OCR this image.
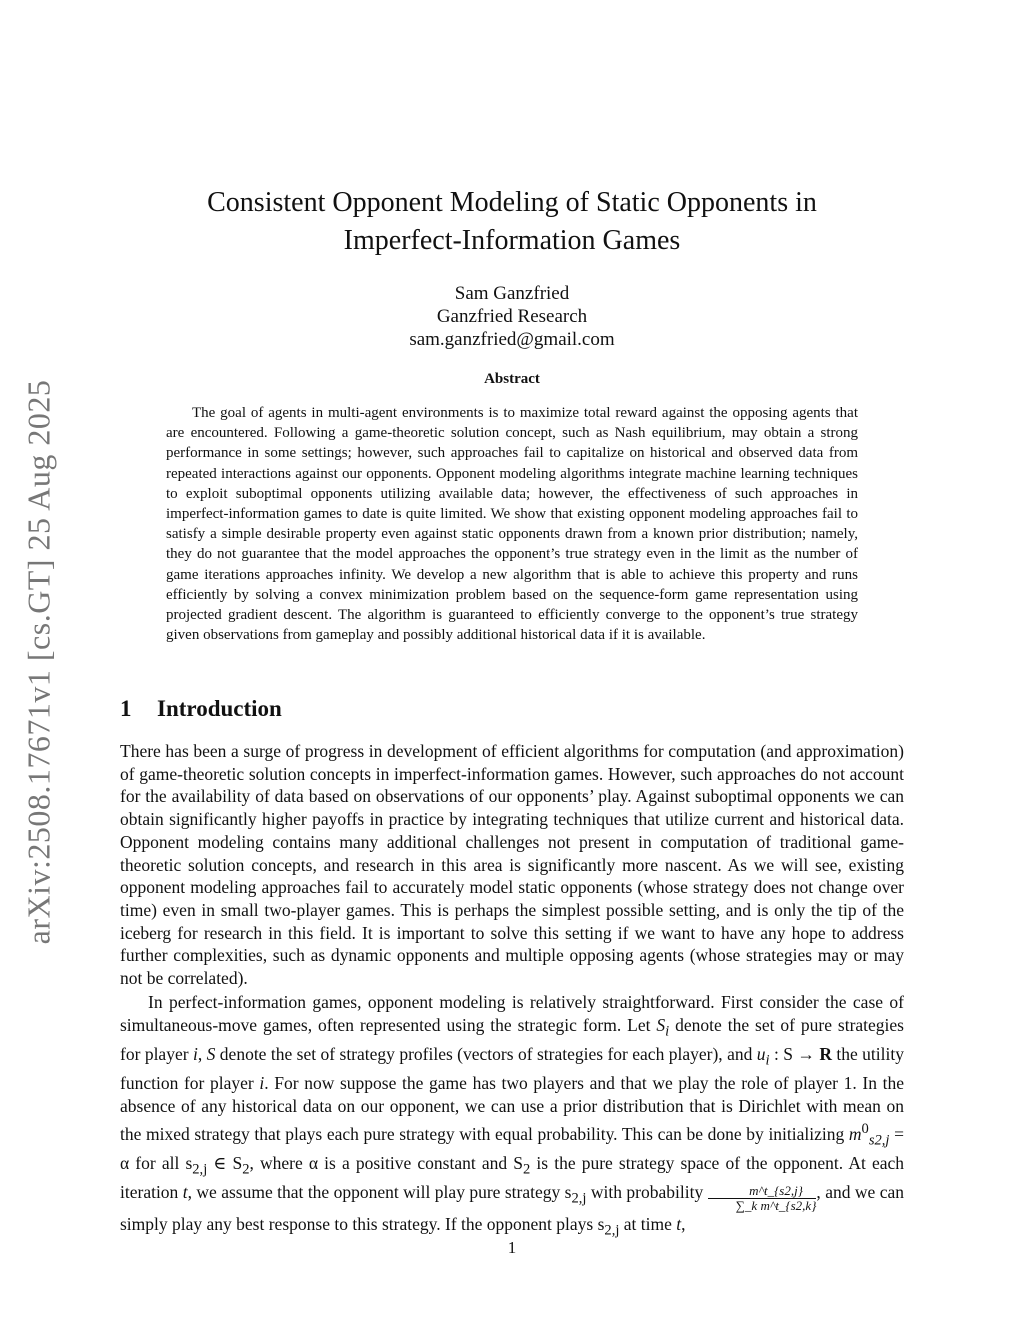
arXiv:2508.17671v1 [cs.GT] 25 Aug 2025
Consistent Opponent Modeling of Static Opponents in Imperfect-Information Games
Sam Ganzfried
Ganzfried Research
sam.ganzfried@gmail.com
Abstract

The goal of agents in multi-agent environments is to maximize total reward against the opposing agents that are encountered. Following a game-theoretic solution concept, such as Nash equilibrium, may obtain a strong performance in some settings; however, such approaches fail to capitalize on historical and observed data from repeated interactions against our opponents. Opponent modeling algorithms integrate machine learning techniques to exploit suboptimal opponents utilizing available data; however, the effectiveness of such approaches in imperfect-information games to date is quite limited. We show that existing opponent modeling approaches fail to satisfy a simple desirable property even against static opponents drawn from a known prior distribution; namely, they do not guarantee that the model approaches the opponent’s true strategy even in the limit as the number of game iterations approaches infinity. We develop a new algorithm that is able to achieve this property and runs efficiently by solving a convex minimization problem based on the sequence-form game representation using projected gradient descent. The algorithm is guaranteed to efficiently converge to the opponent’s true strategy given observations from gameplay and possibly additional historical data if it is available.

1 Introduction

There has been a surge of progress in development of efficient algorithms for computation (and approximation) of game-theoretic solution concepts in imperfect-information games. However, such approaches do not account for the availability of data based on observations of our opponents’ play. Against suboptimal opponents we can obtain significantly higher payoffs in practice by integrating techniques that utilize current and historical data. Opponent modeling contains many additional challenges not present in computation of traditional game-theoretic solution concepts, and research in this area is significantly more nascent. As we will see, existing opponent modeling approaches fail to accurately model static opponents (whose strategy does not change over time) even in small two-player games. This is perhaps the simplest possible setting, and is only the tip of the iceberg for research in this field. It is important to solve this setting if we want to have any hope to address further complexities, such as dynamic opponents and multiple opposing agents (whose strategies may or may not be correlated).

In perfect-information games, opponent modeling is relatively straightforward. First consider the case of simultaneous-move games, often represented using the strategic form. Let $S_i$ denote the set of pure strategies for player i, S denote the set of strategy profiles (vectors of strategies for each player), and $u_i$ : S → R the utility function for player i. For now suppose the game has two players and that we play the role of player 1. In the absence of any historical data on our opponent, we can use a prior distribution that is Dirichlet with mean on the mixed strategy that plays each pure strategy with equal probability. This can be done by initializing $m^0_{s2,j} = \alpha$ for all $s_{2,j}$ ∈ $S_2$, where α is a positive constant and $S_2$ is the pure strategy space of the opponent. At each iteration t, we assume that the opponent will play pure strategy $s_{2,j}$ with probability $\frac{m\^{}t\_\{s2,j\}}{\text{∑\_k m\textasciicircum{}t\_\{s2,k\}}}$ , and we can simply play any best response to this strategy. If the opponent plays $s_{2,j}$ at time t,

1
